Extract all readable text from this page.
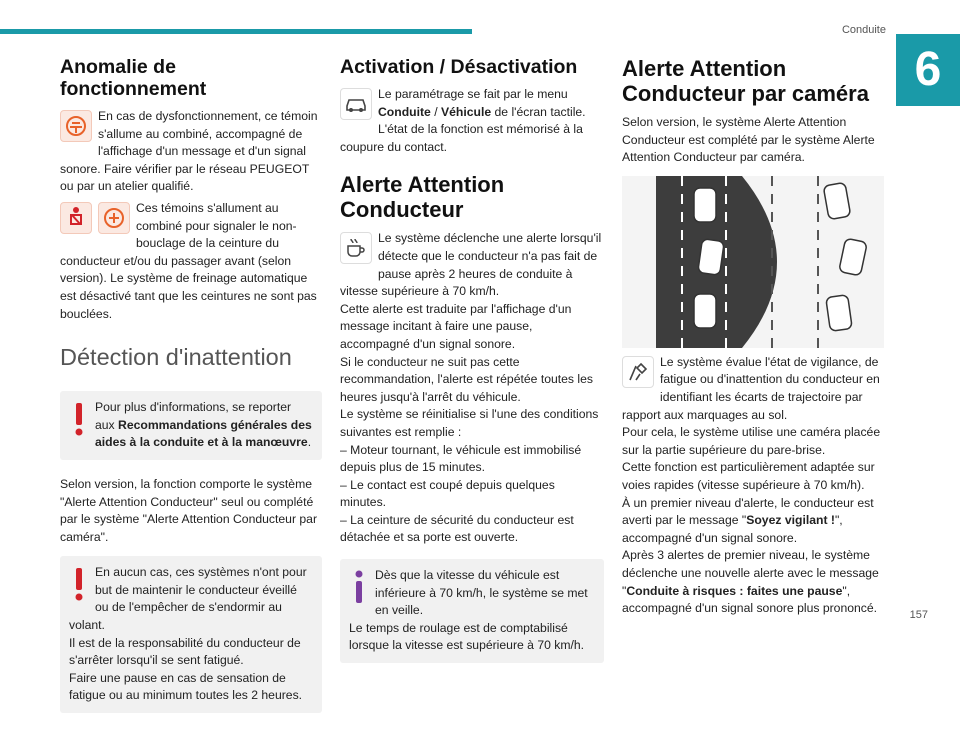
Conduite
6
157
Anomalie de fonctionnement

En cas de dysfonctionnement, ce témoin s'allume au combiné, accompagné de l'affichage d'un message et d'un signal sonore. Faire vérifier par le réseau PEUGEOT ou par un atelier qualifié.

Ces témoins s'allument au combiné pour signaler le non-bouclage de la ceinture du conducteur et/ou du passager avant (selon version). Le système de freinage automatique est désactivé tant que les ceintures ne sont pas bouclées.

Détection d'inattention

Pour plus d'informations, se reporter aux Recommandations générales des aides à la conduite et à la manœuvre.

Selon version, la fonction comporte le système "Alerte Attention Conducteur" seul ou complété par le système "Alerte Attention Conducteur par caméra".

En aucun cas, ces systèmes n'ont pour but de maintenir le conducteur éveillé ou de l'empêcher de s'endormir au volant.

Il est de la responsabilité du conducteur de s'arrêter lorsqu'il se sent fatigué.

Faire une pause en cas de sensation de fatigue ou au minimum toutes les 2 heures.

Activation / Désactivation

Le paramétrage se fait par le menu Conduite / Véhicule de l'écran tactile.

L'état de la fonction est mémorisé à la coupure du contact.

Alerte Attention Conducteur

Le système déclenche une alerte lorsqu'il détecte que le conducteur n'a pas fait de pause après 2 heures de conduite à vitesse supérieure à 70 km/h.

Cette alerte est traduite par l'affichage d'un message incitant à faire une pause, accompagné d'un signal sonore.

Si le conducteur ne suit pas cette recommandation, l'alerte est répétée toutes les heures jusqu'à l'arrêt du véhicule.

Le système se réinitialise si l'une des conditions suivantes est remplie :

– Moteur tournant, le véhicule est immobilisé depuis plus de 15 minutes.

– Le contact est coupé depuis quelques minutes.

– La ceinture de sécurité du conducteur est détachée et sa porte est ouverte.

Dès que la vitesse du véhicule est inférieure à 70 km/h, le système se met en veille.

Le temps de roulage est de comptabilisé lorsque la vitesse est supérieure à 70 km/h.

Alerte Attention Conducteur par caméra

Selon version, le système Alerte Attention Conducteur est complété par le système Alerte Attention Conducteur par caméra.

Le système évalue l'état de vigilance, de fatigue ou d'inattention du conducteur en identifiant les écarts de trajectoire par rapport aux marquages au sol.

Pour cela, le système utilise une caméra placée sur la partie supérieure du pare-brise.

Cette fonction est particulièrement adaptée sur voies rapides (vitesse supérieure à 70 km/h).

À un premier niveau d'alerte, le conducteur est averti par le message "Soyez vigilant !", accompagné d'un signal sonore.

Après 3 alertes de premier niveau, le système déclenche une nouvelle alerte avec le message "Conduite à risques : faites une pause", accompagné d'un signal sonore plus prononcé.
